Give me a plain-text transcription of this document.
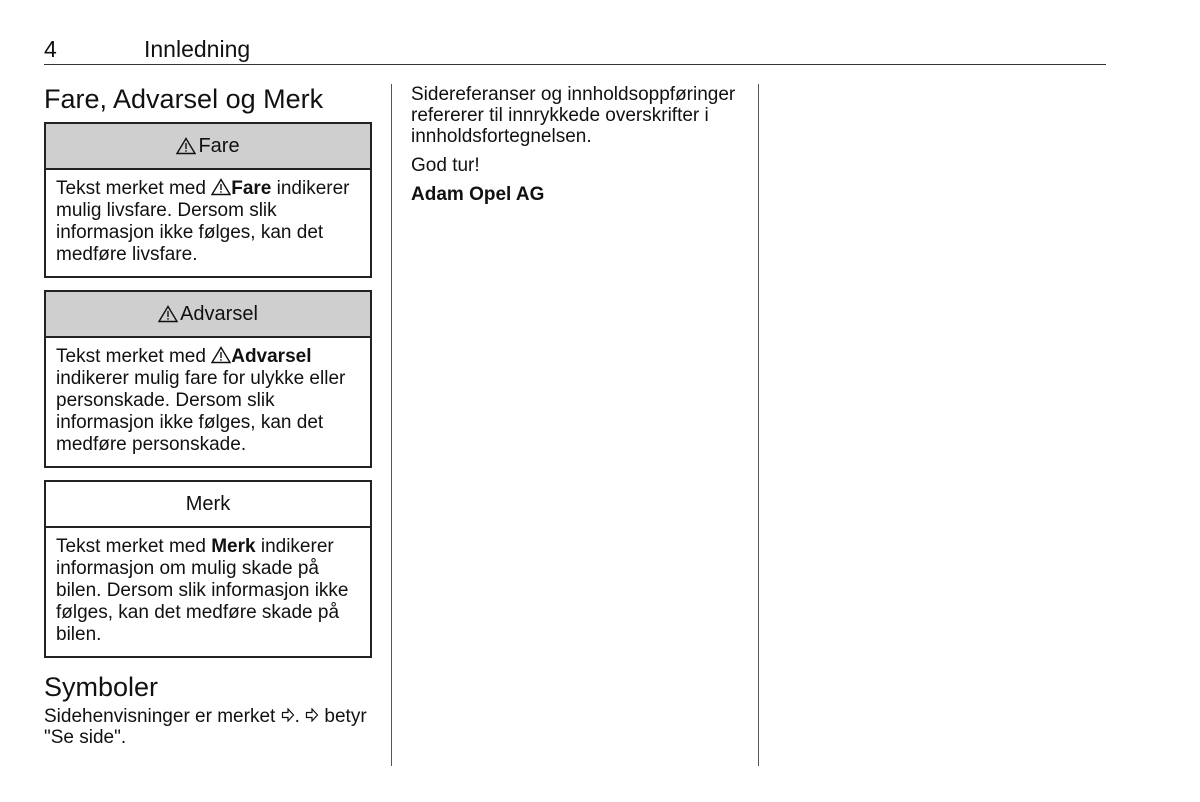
4	Innledning
Fare, Advarsel og Merk
Fare
Tekst merket med Fare indikerer mulig livsfare. Dersom slik informasjon ikke følges, kan det medføre livsfare.
Advarsel
Tekst merket med Advarsel indikerer mulig fare for ulykke eller personskade. Dersom slik informasjon ikke følges, kan det medføre personskade.
Merk
Tekst merket med Merk indikerer informasjon om mulig skade på bilen. Dersom slik informasjon ikke følges, kan det medføre skade på bilen.
Symboler

Sidehenvisninger er merket .  betyr "Se side".

Sidereferanser og innholdsoppføringer refererer til innrykkede overskrifter i innholdsfortegnelsen.

God tur!

Adam Opel AG
